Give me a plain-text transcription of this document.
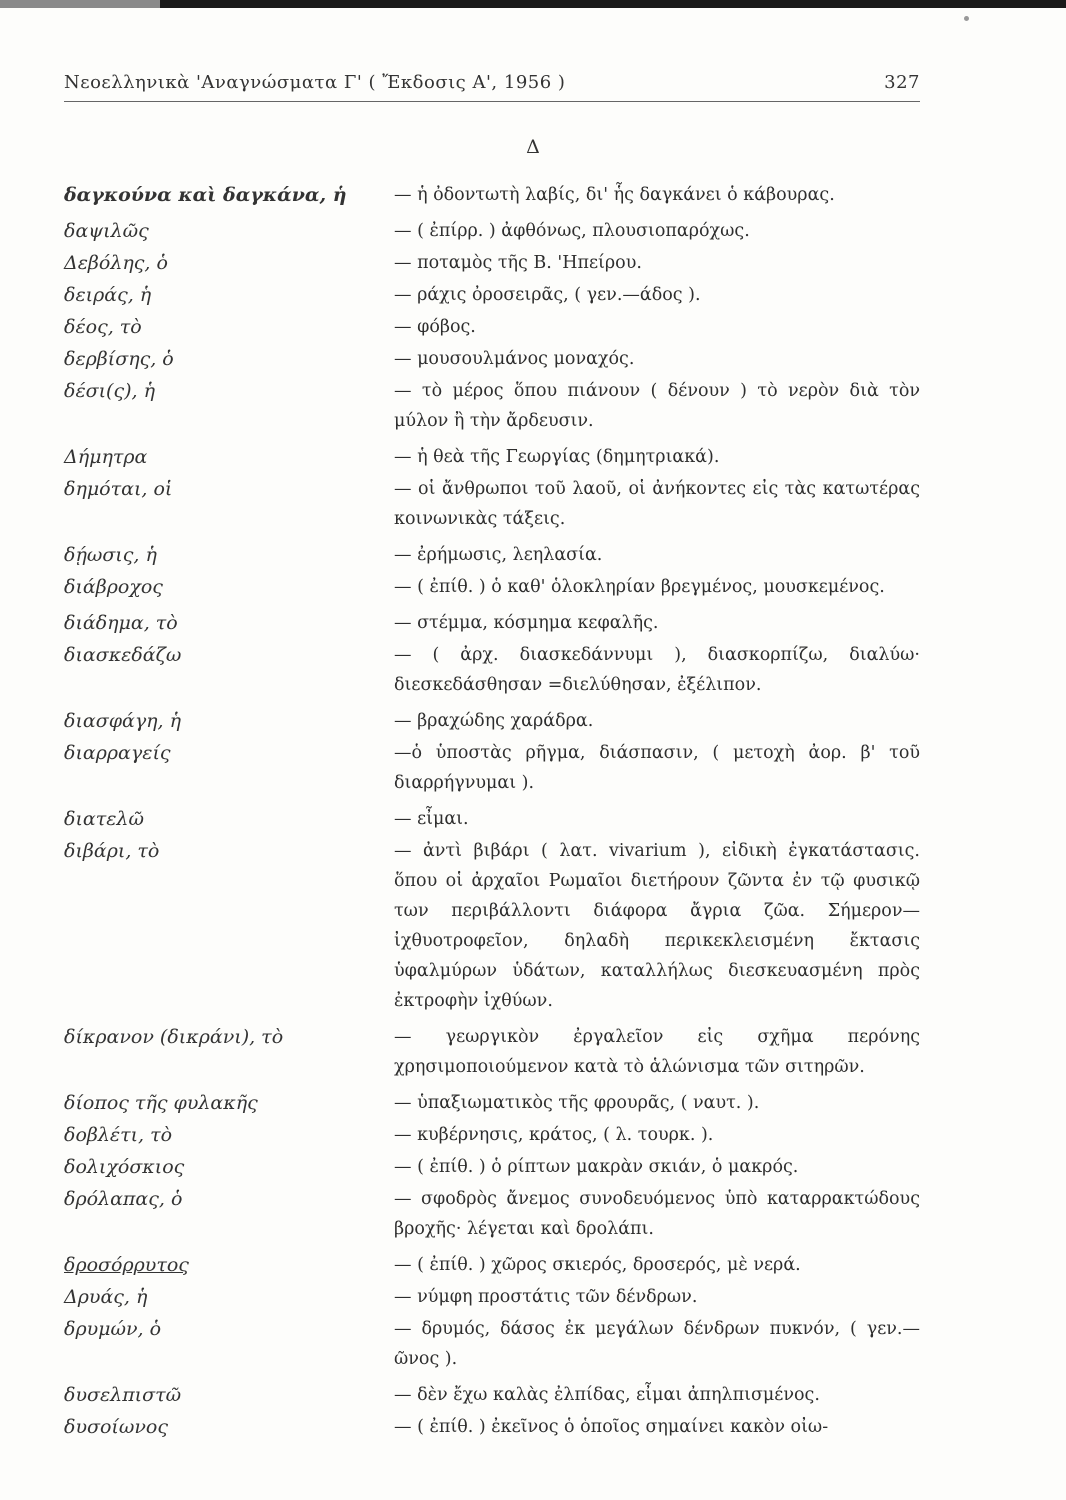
Νεοελληνικὰ 'Αναγνώσματα Γ' ( Ἔκδοσις Α', 1956 )	327
Δ
δαγκούνα καὶ δαγκάνα, ἡ	— ἡ ὀδοντωτὴ λαβίς, δι' ἧς δαγκάνει ὁ κάβουρας.
δαψιλῶς	— ( ἐπίρρ. ) ἀφθόνως, πλουσιοπαρόχως.
Δεβόλης, ὁ	— ποταμὸς τῆς Β. 'Ηπείρου.
δειράς, ἡ	— ράχις ὀροσειρᾶς, ( γεν.—άδος ).
δέος, τὸ	— φόβος.
δερβίσης, ὁ	— μουσουλμάνος μοναχός.
δέσι(ς), ἡ	— τὸ μέρος ὅπου πιάνουν ( δένουν ) τὸ νερὸν διὰ τὸν μύλον ἢ τὴν ἄρδευσιν.
Δήμητρα	— ἡ θεὰ τῆς Γεωργίας (δημητριακά).
δημόται, οἱ	— οἱ ἄνθρωποι τοῦ λαοῦ, οἱ ἀνήκοντες εἰς τὰς κατωτέρας κοινωνικὰς τάξεις.
δῄωσις, ἡ	— ἐρήμωσις, λεηλασία.
διάβροχος	— ( ἐπίθ. ) ὁ καθ' ὁλοκληρίαν βρεγμένος, μουσκεμένος.
διάδημα, τὸ	— στέμμα, κόσμημα κεφαλῆς.
διασκεδάζω	— ( ἀρχ. διασκεδάννυμι ), διασκορπίζω, διαλύω· διεσκεδάσθησαν =διελύθησαν, ἐξέλιπον.
διασφάγη, ἡ	— βραχώδης χαράδρα.
διαρραγείς	—ὁ ὑποστὰς ρῆγμα, διάσπασιν, ( μετοχὴ ἀορ. β' τοῦ διαρρήγνυμαι ).
διατελῶ	— εἶμαι.
διβάρι, τὸ	— ἀντὶ βιβάρι ( λατ. vivarium ), εἰδικὴ ἐγκατάστασις. ὅπου οἱ ἀρχαῖοι Ρωμαῖοι διετήρουν ζῶντα ἐν τῷ φυσικῷ των περιβάλλοντι διάφορα ἄγρια ζῶα. Σήμερον—ἰχθυοτροφεῖον, δηλαδὴ περικεκλεισμένη ἔκτασις ὑφαλμύρων ὑδάτων, καταλλήλως διεσκευασμένη πρὸς ἐκτροφὴν ἰχθύων.
δίκρανον (δικράνι), τὸ	— γεωργικὸν ἐργαλεῖον εἰς σχῆμα περόνης χρησιμοποιούμενον κατὰ τὸ ἁλώνισμα τῶν σιτηρῶν.
δίοπος τῆς φυλακῆς	— ὑπαξιωματικὸς τῆς φρουρᾶς, ( ναυτ. ).
δοβλέτι, τὸ	— κυβέρνησις, κράτος, ( λ. τουρκ. ).
δολιχόσκιος	— ( ἐπίθ. ) ὁ ρίπτων μακρὰν σκιάν, ὁ μακρός.
δρόλαπας, ὁ	— σφοδρὸς ἄνεμος συνοδευόμενος ὑπὸ καταρρακτώδους βροχῆς· λέγεται καὶ δρολάπι.
δροσόρρυτος	— ( ἐπίθ. ) χῶρος σκιερός, δροσερός, μὲ νερά.
Δρυάς, ἡ	— νύμφη προστάτις τῶν δένδρων.
δρυμών, ὁ	— δρυμός, δάσος ἐκ μεγάλων δένδρων πυκνόν, ( γεν.—ῶνος ).
δυσελπιστῶ	— δὲν ἔχω καλὰς ἐλπίδας, εἶμαι ἀπηλπισμένος.
δυσοίωνος	— ( ἐπίθ. ) ἐκεῖνος ὁ ὁποῖος σημαίνει κακὸν οἰω-
